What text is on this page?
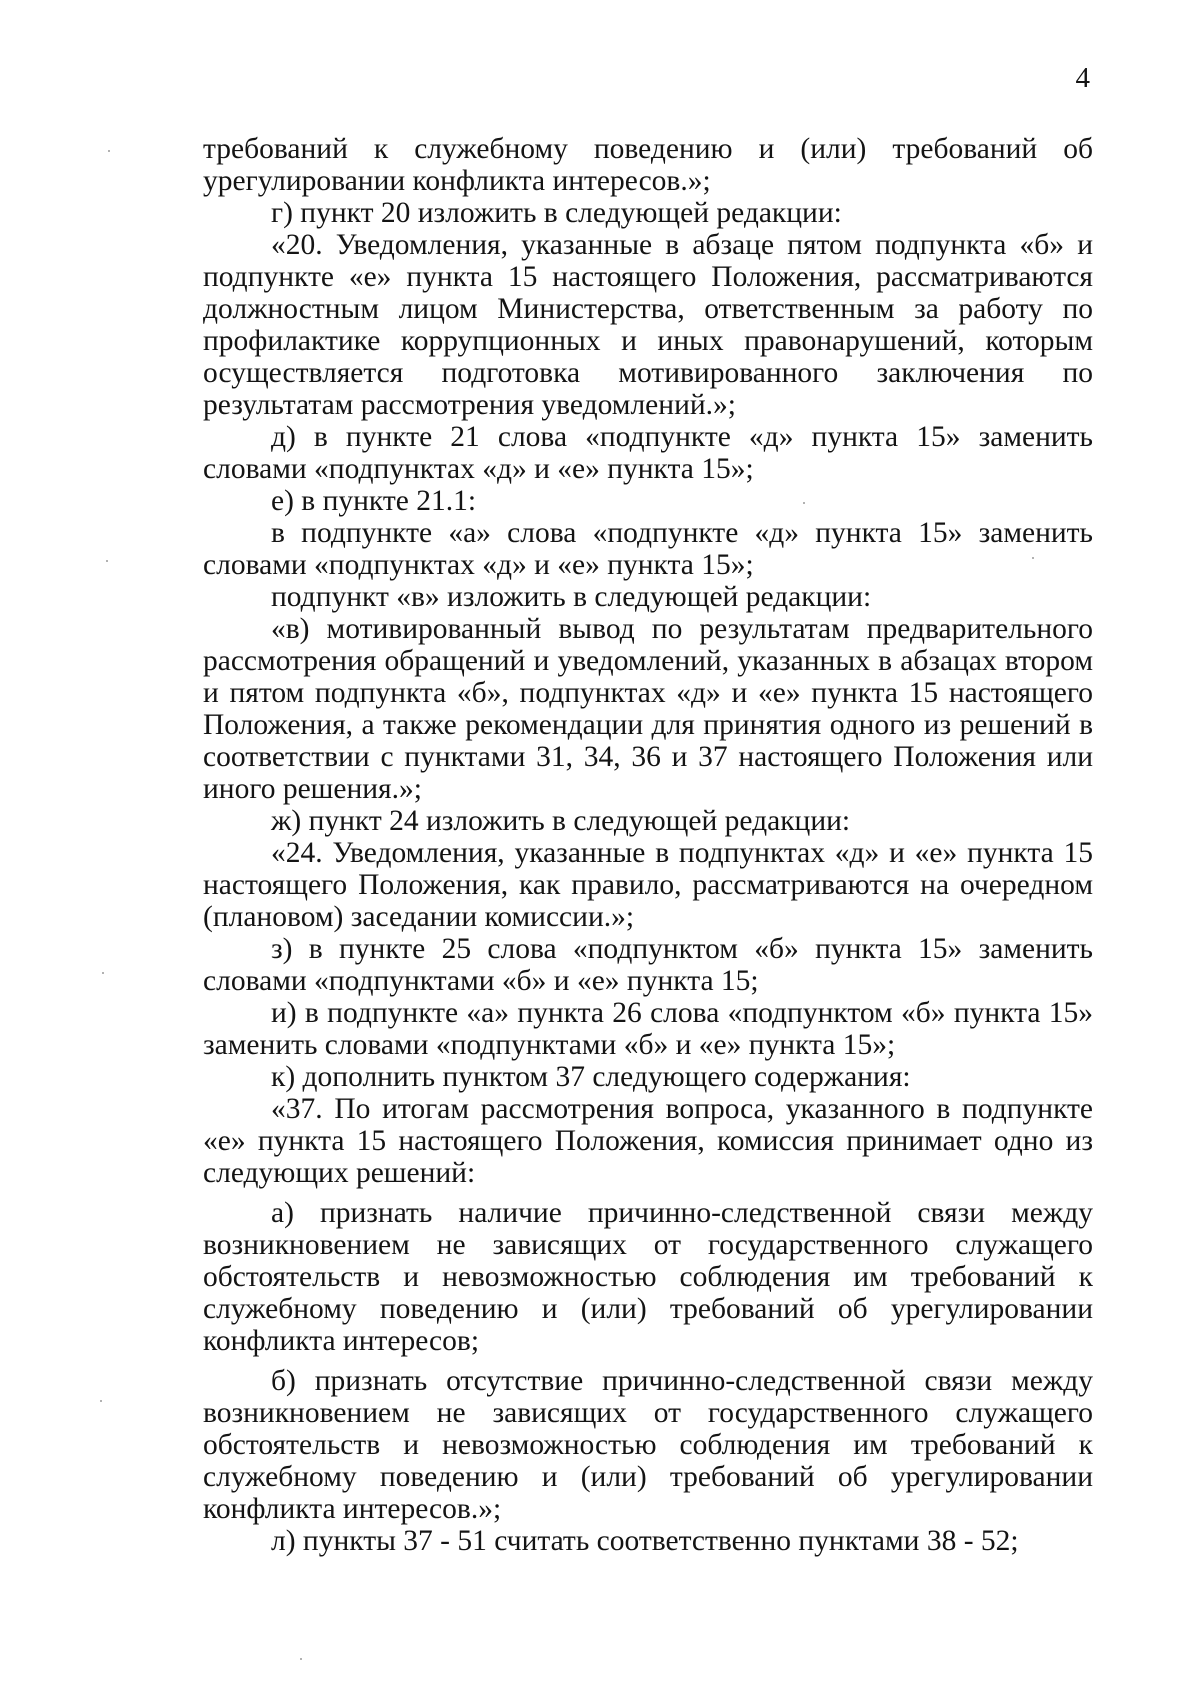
4

требований к служебному поведению и (или) требований об урегулировании конфликта интересов.»;

г) пункт 20 изложить в следующей редакции:

«20. Уведомления, указанные в абзаце пятом подпункта «б» и подпункте «е» пункта 15 настоящего Положения, рассматриваются должностным лицом Министерства, ответственным за работу по профилактике коррупционных и иных правонарушений, которым осуществляется подготовка мотивированного заключения по результатам рассмотрения уведомлений.»;

д) в пункте 21 слова «подпункте «д» пункта 15» заменить словами «подпунктах «д» и «е» пункта 15»;

е) в пункте 21.1:

в подпункте «а» слова «подпункте «д» пункта 15» заменить словами «подпунктах «д» и «е» пункта 15»;

подпункт «в» изложить в следующей редакции:

«в) мотивированный вывод по результатам предварительного рассмотрения обращений и уведомлений, указанных в абзацах втором и пятом подпункта «б», подпунктах «д» и «е» пункта 15 настоящего Положения, а также рекомендации для принятия одного из решений в соответствии с пунктами 31, 34, 36 и 37 настоящего Положения или иного решения.»;

ж) пункт 24 изложить в следующей редакции:

«24. Уведомления, указанные в подпунктах «д» и «е» пункта 15 настоящего Положения, как правило, рассматриваются на очередном (плановом) заседании комиссии.»;

з) в пункте 25 слова «подпунктом «б» пункта 15» заменить словами «подпунктами «б» и «е» пункта 15;

и) в подпункте «а» пункта 26 слова «подпунктом «б» пункта 15» заменить словами «подпунктами «б» и «е» пункта 15»;

к) дополнить пунктом 37 следующего содержания:

«37. По итогам рассмотрения вопроса, указанного в подпункте «е» пункта 15 настоящего Положения, комиссия принимает одно из следующих решений:

а) признать наличие причинно-следственной связи между возникновением не зависящих от государственного служащего обстоятельств и невозможностью соблюдения им требований к служебному поведению и (или) требований об урегулировании конфликта интересов;

б) признать отсутствие причинно-следственной связи между возникновением не зависящих от государственного служащего обстоятельств и невозможностью соблюдения им требований к служебному поведению и (или) требований об урегулировании конфликта интересов.»;

л) пункты 37 - 51 считать соответственно пунктами 38 - 52;
